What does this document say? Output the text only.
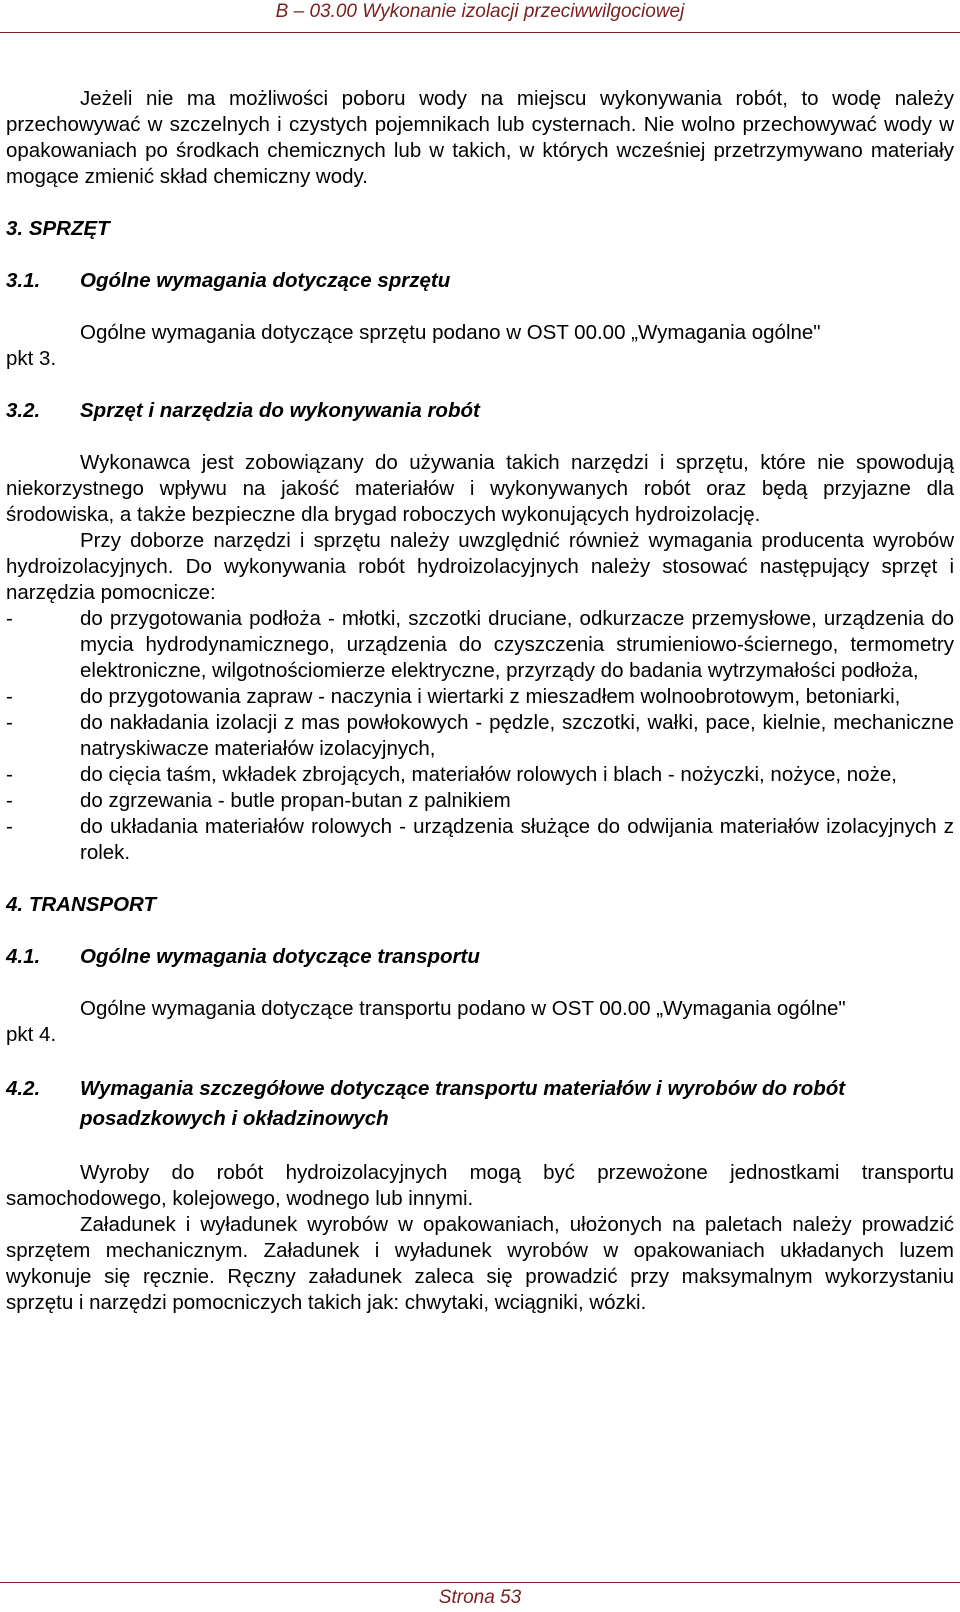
B – 03.00 Wykonanie izolacji przeciwwilgociowej

Jeżeli nie ma możliwości poboru wody na miejscu wykonywania robót, to wodę należy przechowywać w szczelnych i czystych pojemnikach lub cysternach. Nie wolno przechowywać wody w opakowaniach po środkach chemicznych lub w takich, w których wcześniej przetrzymywano materiały mogące zmienić skład chemiczny wody.

3. SPRZĘT

3.1. Ogólne wymagania dotyczące sprzętu

Ogólne wymagania dotyczące sprzętu podano w OST 00.00 „Wymagania ogólne"

pkt 3.

3.2. Sprzęt i narzędzia do wykonywania robót

Wykonawca jest zobowiązany do używania takich narzędzi i sprzętu, które nie spowodują niekorzystnego wpływu na jakość materiałów i wykonywanych robót oraz będą przyjazne dla środowiska, a także bezpieczne dla brygad roboczych wykonujących hydroizolację.

Przy doborze narzędzi i sprzętu należy uwzględnić również wymagania producenta wyrobów hydroizolacyjnych. Do wykonywania robót hydroizolacyjnych należy stosować następujący sprzęt i narzędzia pomocnicze:

-	do przygotowania podłoża - młotki, szczotki druciane, odkurzacze przemysłowe, urządzenia do mycia hydrodynamicznego, urządzenia do czyszczenia strumieniowo-ściernego, termometry elektroniczne, wilgotnościomierze elektryczne, przyrządy do badania wytrzymałości podłoża,
-	do przygotowania zapraw - naczynia i wiertarki z mieszadłem wolnoobrotowym, betoniarki,
-	do nakładania izolacji z mas powłokowych - pędzle, szczotki, wałki, pace, kielnie, mechaniczne natryskiwacze materiałów izolacyjnych,
-	do cięcia taśm, wkładek zbrojących, materiałów rolowych i blach - nożyczki, nożyce, noże,
-	do zgrzewania - butle propan-butan z palnikiem
-	do układania materiałów rolowych - urządzenia służące do odwijania materiałów izolacyjnych z rolek.

4. TRANSPORT

4.1. Ogólne wymagania dotyczące transportu

Ogólne wymagania dotyczące transportu podano w OST 00.00 „Wymagania ogólne"

pkt 4.

4.2. Wymagania szczegółowe dotyczące transportu materiałów i wyrobów do robót posadzkowych i okładzinowych

Wyroby do robót hydroizolacyjnych mogą być przewożone jednostkami transportu samochodowego, kolejowego, wodnego lub innymi.

Załadunek i wyładunek wyrobów w opakowaniach, ułożonych na paletach należy prowadzić sprzętem mechanicznym. Załadunek i wyładunek wyrobów w opakowaniach układanych luzem wykonuje się ręcznie. Ręczny załadunek zaleca się prowadzić przy maksymalnym wykorzystaniu sprzętu i narzędzi pomocniczych takich jak: chwytaki, wciągniki, wózki.

Strona 53
